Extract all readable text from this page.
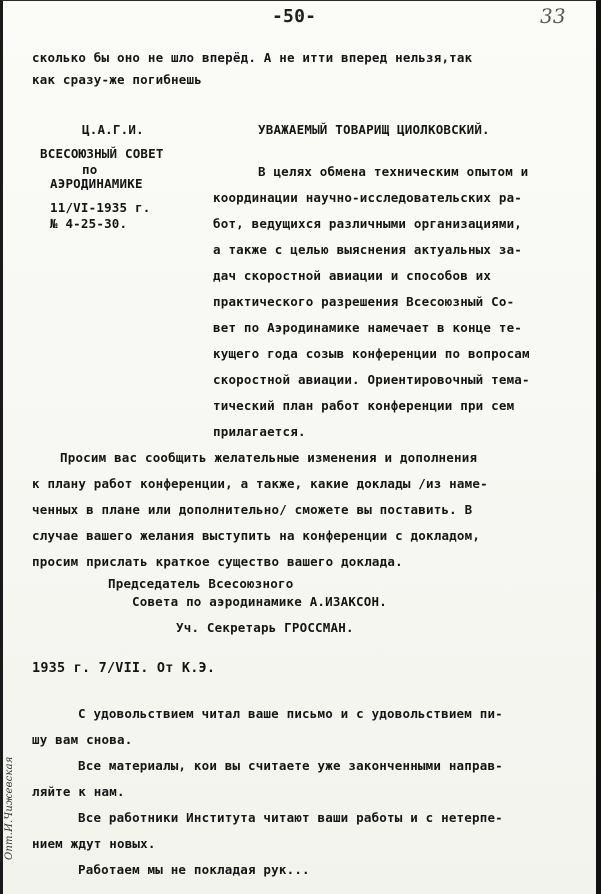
-50-	33
сколько бы оно не шло вперёд. А не итти вперед нельзя,так
как сразу-же погибнешь
Ц.А.Г.И.	УВАЖАЕМЫЙ ТОВАРИЩ ЦИОЛКОВСКИЙ.
ВСЕСОЮЗНЫЙ СОВЕТ
В целях обмена техническим опытом и
по
АЭРОДИНАМИКЕ
координации научно-исследовательских ра-
11/VI-1935 г.
бот, ведущихся различными организациями,
№ 4-25-30.
а также с целью выяснения актуальных за-
дач скоростной авиации и способов их
практического разрешения Всесоюзный Со-
вет по Аэродинамике намечает в конце те-
кущего года созыв конференции по вопросам
скоростной авиации. Ориентировочный тема-
тический план работ конференции при сем
прилагается.
Просим вас сообщить желательные изменения и дополнения
к плану работ конференции, а также, какие доклады /из наме-
ченных в плане или дополнительно/ сможете вы поставить. В
случае вашего желания выступить на конференции с докладом,
просим прислать краткое существо вашего доклада.
Председатель Всесоюзного
Совета по аэродинамике А.ИЗАКСОН.
Уч. Секретарь ГРОССМАН.
1935 г. 7/VII. От К.Э.
С удовольствием читал ваше письмо и с удовольствием пи-
шу вам снова.
Все материалы, кои вы считаете уже законченными направ-
ляйте к нам.
Все работники Института читают ваши работы и с нетерпе-
нием ждут новых.
Работаем мы не покладая рук...
Опт.И.Чижевская
